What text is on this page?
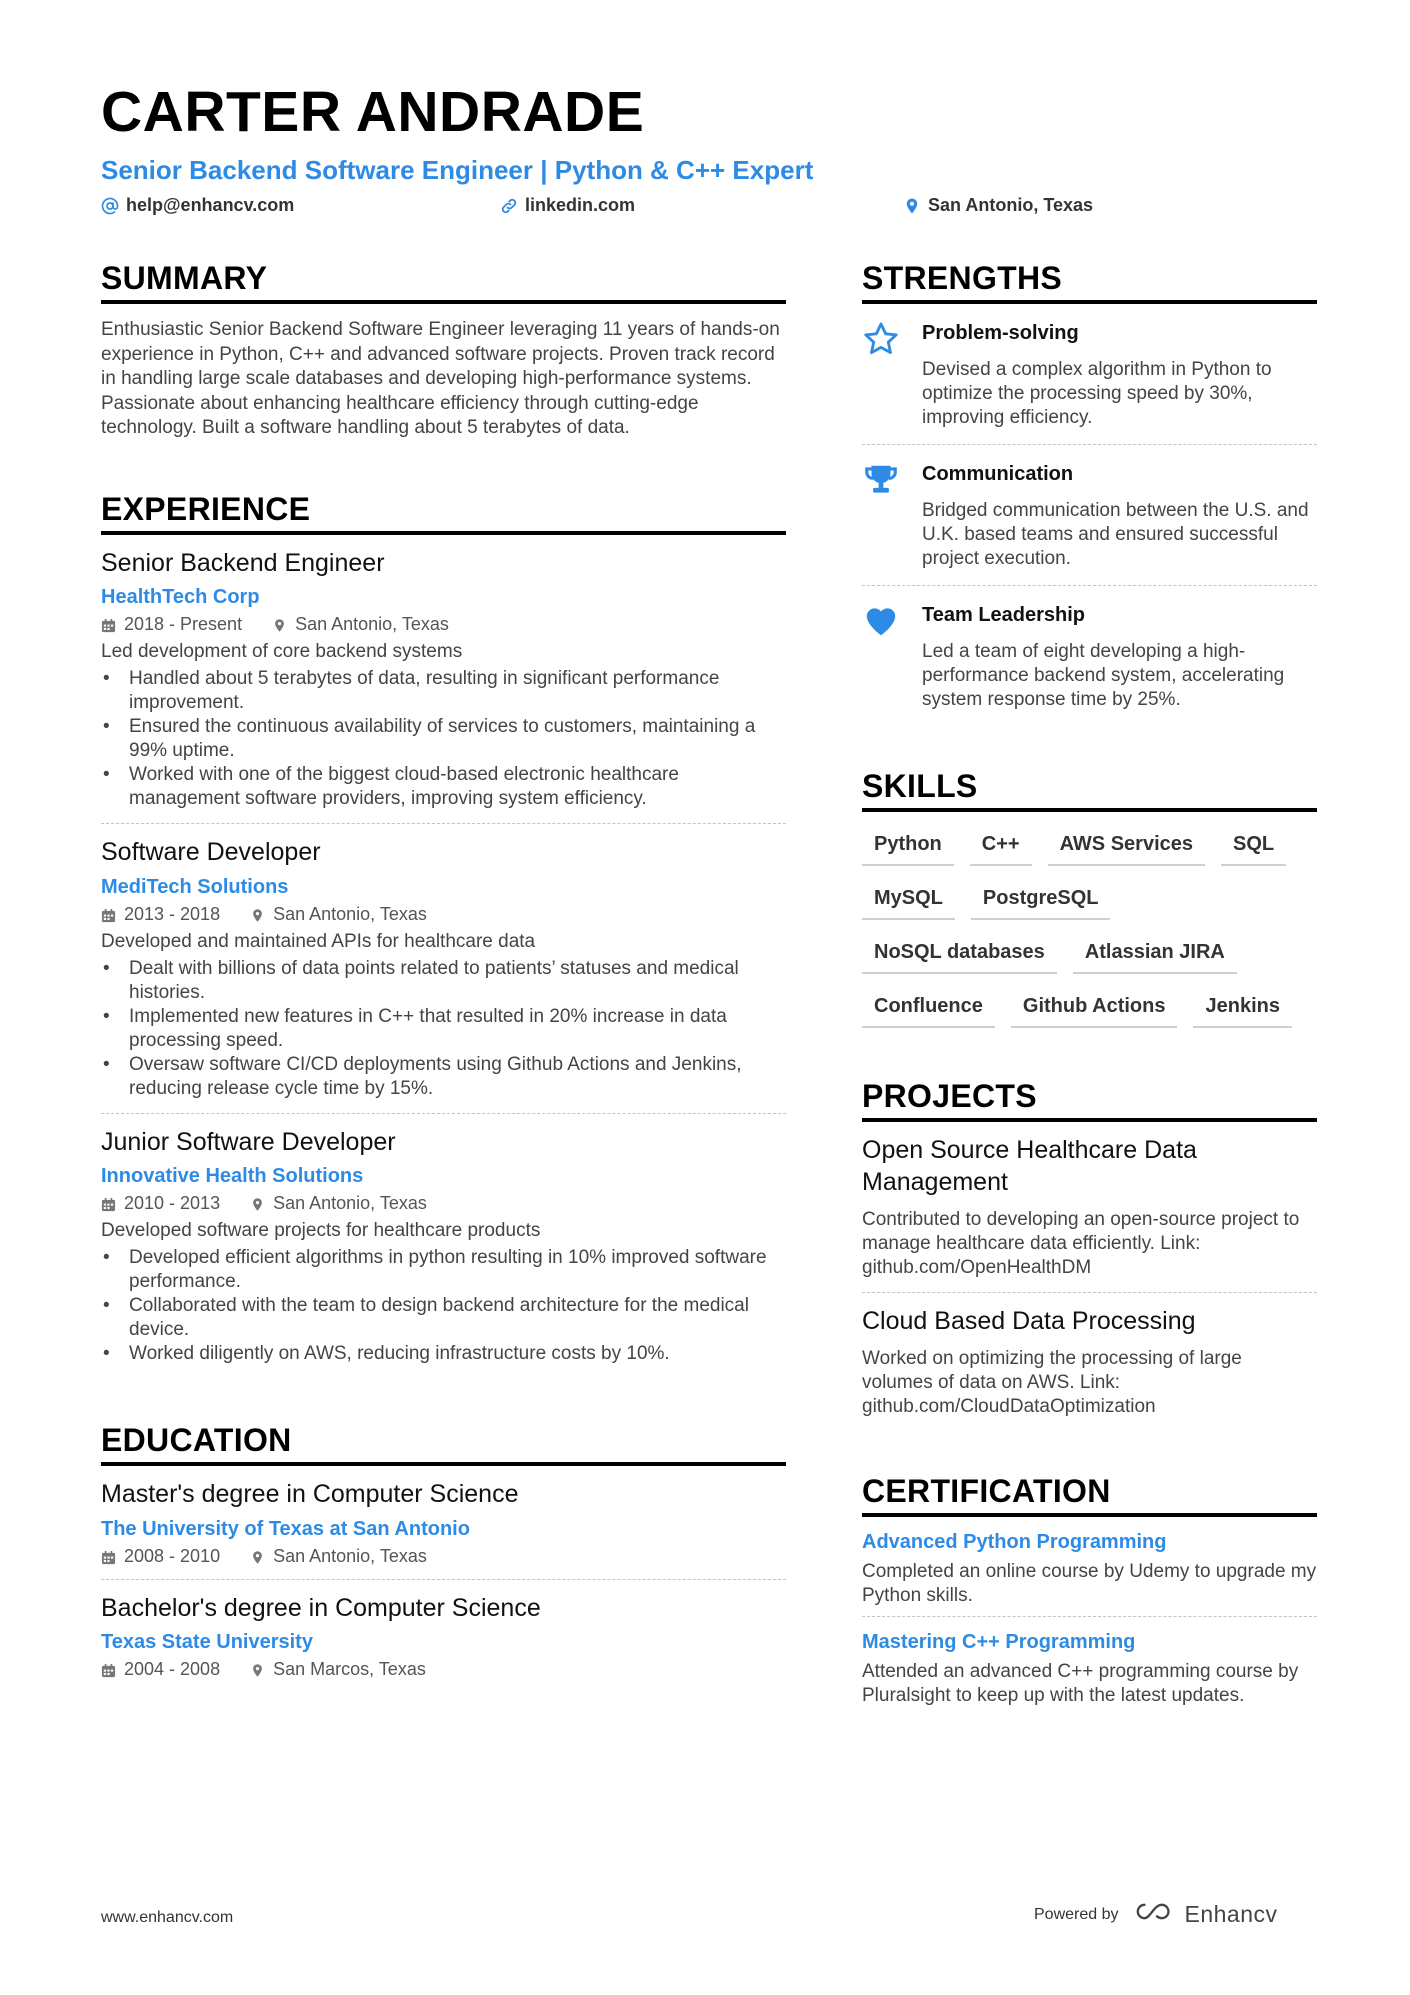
CARTER ANDRADE
Senior Backend Software Engineer | Python & C++ Expert
help@enhancv.com	linkedin.com	San Antonio, Texas
SUMMARY

Enthusiastic Senior Backend Software Engineer leveraging 11 years of hands-on experience in Python, C++ and advanced software projects. Proven track record in handling large scale databases and developing high-performance systems. Passionate about enhancing healthcare efficiency through cutting-edge technology. Built a software handling about 5 terabytes of data.

EXPERIENCE
Senior Backend Engineer
HealthTech Corp
2018 - Present	San Antonio, Texas
Led development of core backend systems
• Handled about 5 terabytes of data, resulting in significant performance improvement.
• Ensured the continuous availability of services to customers, maintaining a 99% uptime.
• Worked with one of the biggest cloud-based electronic healthcare management software providers, improving system efficiency.
Software Developer
MediTech Solutions
2013 - 2018	San Antonio, Texas
Developed and maintained APIs for healthcare data
• Dealt with billions of data points related to patients’ statuses and medical histories.
• Implemented new features in C++ that resulted in 20% increase in data processing speed.
• Oversaw software CI/CD deployments using Github Actions and Jenkins, reducing release cycle time by 15%.
Junior Software Developer
Innovative Health Solutions
2010 - 2013	San Antonio, Texas
Developed software projects for healthcare products
• Developed efficient algorithms in python resulting in 10% improved software performance.
• Collaborated with the team to design backend architecture for the medical device.
• Worked diligently on AWS, reducing infrastructure costs by 10%.
EDUCATION
Master's degree in Computer Science
The University of Texas at San Antonio
2008 - 2010	San Antonio, Texas
Bachelor's degree in Computer Science
Texas State University
2004 - 2008	San Marcos, Texas
STRENGTHS
Problem-solving
Devised a complex algorithm in Python to optimize the processing speed by 30%, improving efficiency.
Communication
Bridged communication between the U.S. and U.K. based teams and ensured successful project execution.
Team Leadership
Led a team of eight developing a high-performance backend system, accelerating system response time by 25%.
SKILLS
Python	C++	AWS Services	SQL
MySQL	PostgreSQL
NoSQL databases	Atlassian JIRA
Confluence	Github Actions	Jenkins
PROJECTS
Open Source Healthcare Data Management
Contributed to developing an open-source project to manage healthcare data efficiently. Link: github.com/OpenHealthDM
Cloud Based Data Processing
Worked on optimizing the processing of large volumes of data on AWS. Link: github.com/CloudDataOptimization
CERTIFICATION
Advanced Python Programming
Completed an online course by Udemy to upgrade my Python skills.
Mastering C++ Programming
Attended an advanced C++ programming course by Pluralsight to keep up with the latest updates.
www.enhancv.com	Powered by	Enhancv
